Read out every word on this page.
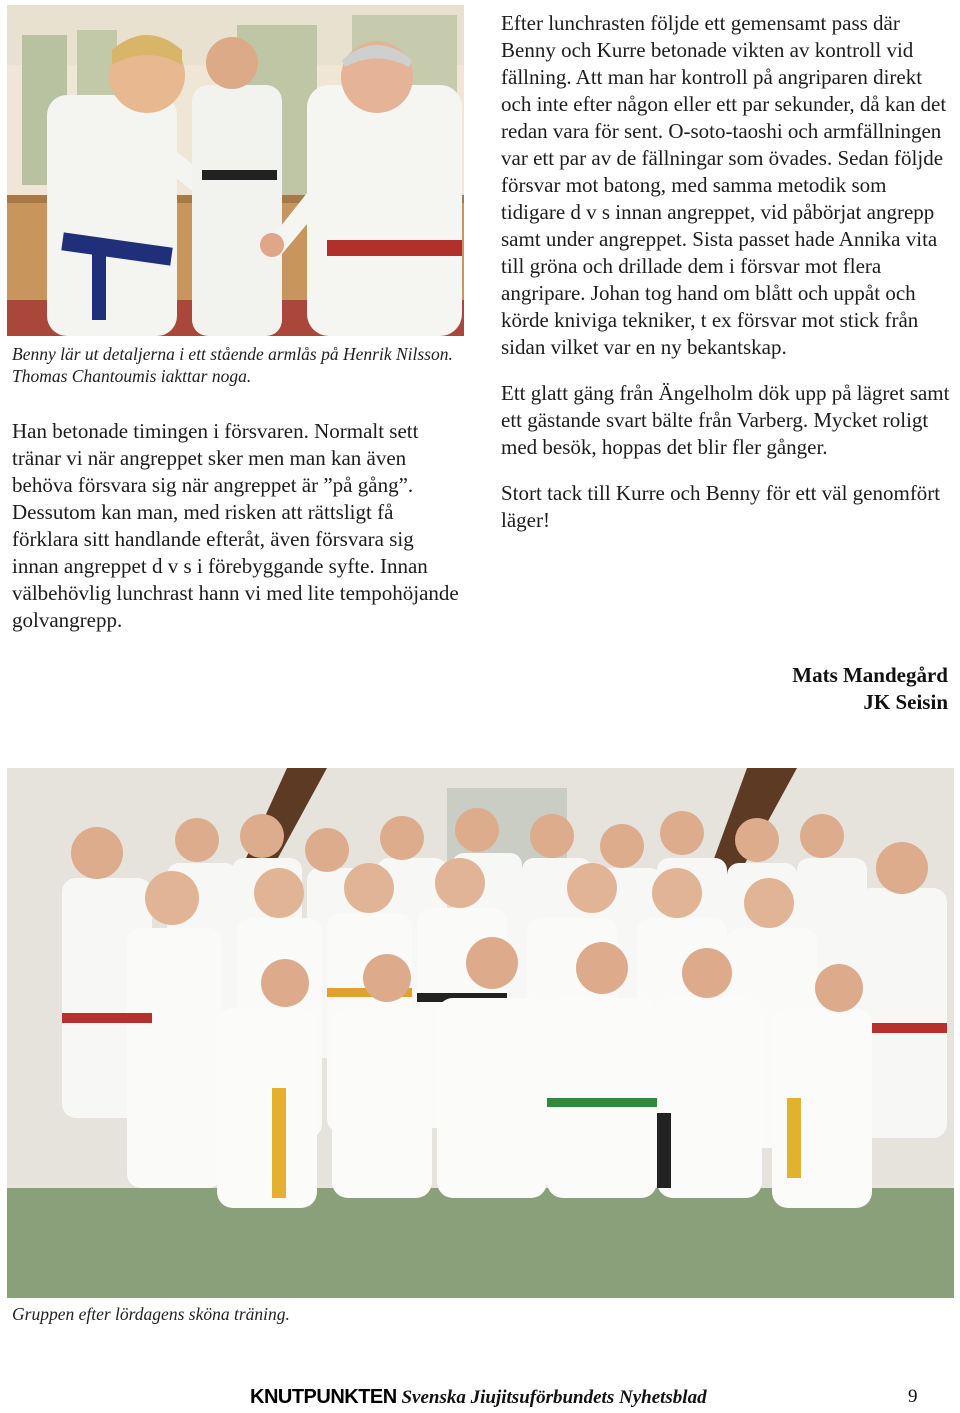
Benny lär ut detaljerna i ett stående armlås på Henrik Nilsson. Thomas Chantoumis iakttar noga.

Han betonade timingen i försvaren. Normalt sett tränar vi när angreppet sker men man kan även behöva försvara sig när angreppet är ”på gång”. Dessutom kan man, med risken att rättsligt få förklara sitt handlande efteråt, även försvara sig innan angreppet d v s i förebyggande syfte. Innan välbehövlig lunchrast hann vi med lite tempohöjande golvangrepp.

Efter lunchrasten följde ett gemensamt pass där Benny och Kurre betonade vikten av kontroll vid fällning. Att man har kontroll på angriparen direkt och inte efter någon eller ett par sekunder, då kan det redan vara för sent. O-soto-taoshi och armfällningen var ett par av de fällningar som övades. Sedan följde försvar mot batong, med samma metodik som tidigare d v s innan angreppet, vid påbörjat angrepp samt under angreppet. Sista passet hade Annika vita till gröna och drillade dem i försvar mot flera angripare. Johan tog hand om blått och uppåt och körde kniviga tekniker, t ex försvar mot stick från sidan vilket var en ny bekantskap.

Ett glatt gäng från Ängelholm dök upp på lägret samt ett gästande svart bälte från Varberg. Mycket roligt med besök, hoppas det blir fler gånger.

Stort tack till Kurre och Benny för ett väl genomfört läger!

Mats Mandegård
JK Seisin
Gruppen efter lördagens sköna träning.
KNUTPUNKTEN Svenska Jiujitsuförbundets Nyhetsblad	9
